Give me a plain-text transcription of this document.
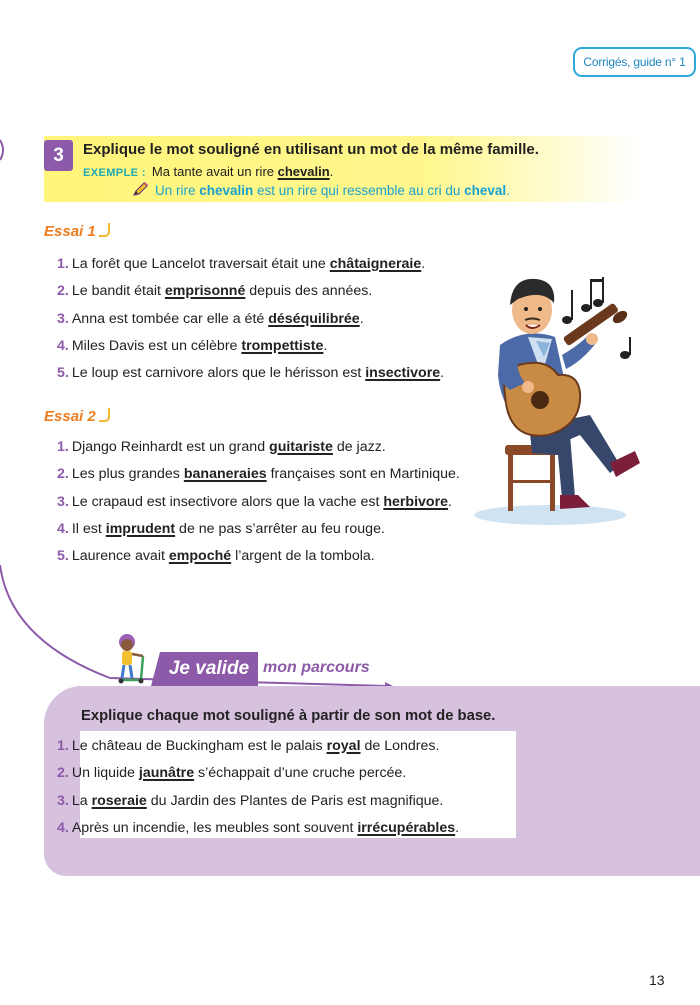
Corrigés, guide n° 1
3	Explique le mot souligné en utilisant un mot de la même famille.
EXEMPLE : Ma tante avait un rire chevalin.
Un rire chevalin est un rire qui ressemble au cri du cheval.
Essai 1
1. La forêt que Lancelot traversait était une châtaigneraie.
2. Le bandit était emprisonné depuis des années.
3. Anna est tombée car elle a été déséquilibrée.
4. Miles Davis est un célèbre trompettiste.
5. Le loup est carnivore alors que le hérisson est insectivore.
Essai 2
1. Django Reinhardt est un grand guitariste de jazz.
2. Les plus grandes bananeraies françaises sont en Martinique.
3. Le crapaud est insectivore alors que la vache est herbivore.
4. Il est imprudent de ne pas s’arrêter au feu rouge.
5. Laurence avait empoché l’argent de la tombola.
Je valide mon parcours
Explique chaque mot souligné à partir de son mot de base.
1. Le château de Buckingham est le palais royal de Londres.
2. Un liquide jaunâtre s’échappait d’une cruche percée.
3. La roseraie du Jardin des Plantes de Paris est magnifique.
4. Après un incendie, les meubles sont souvent irrécupérables.
13
